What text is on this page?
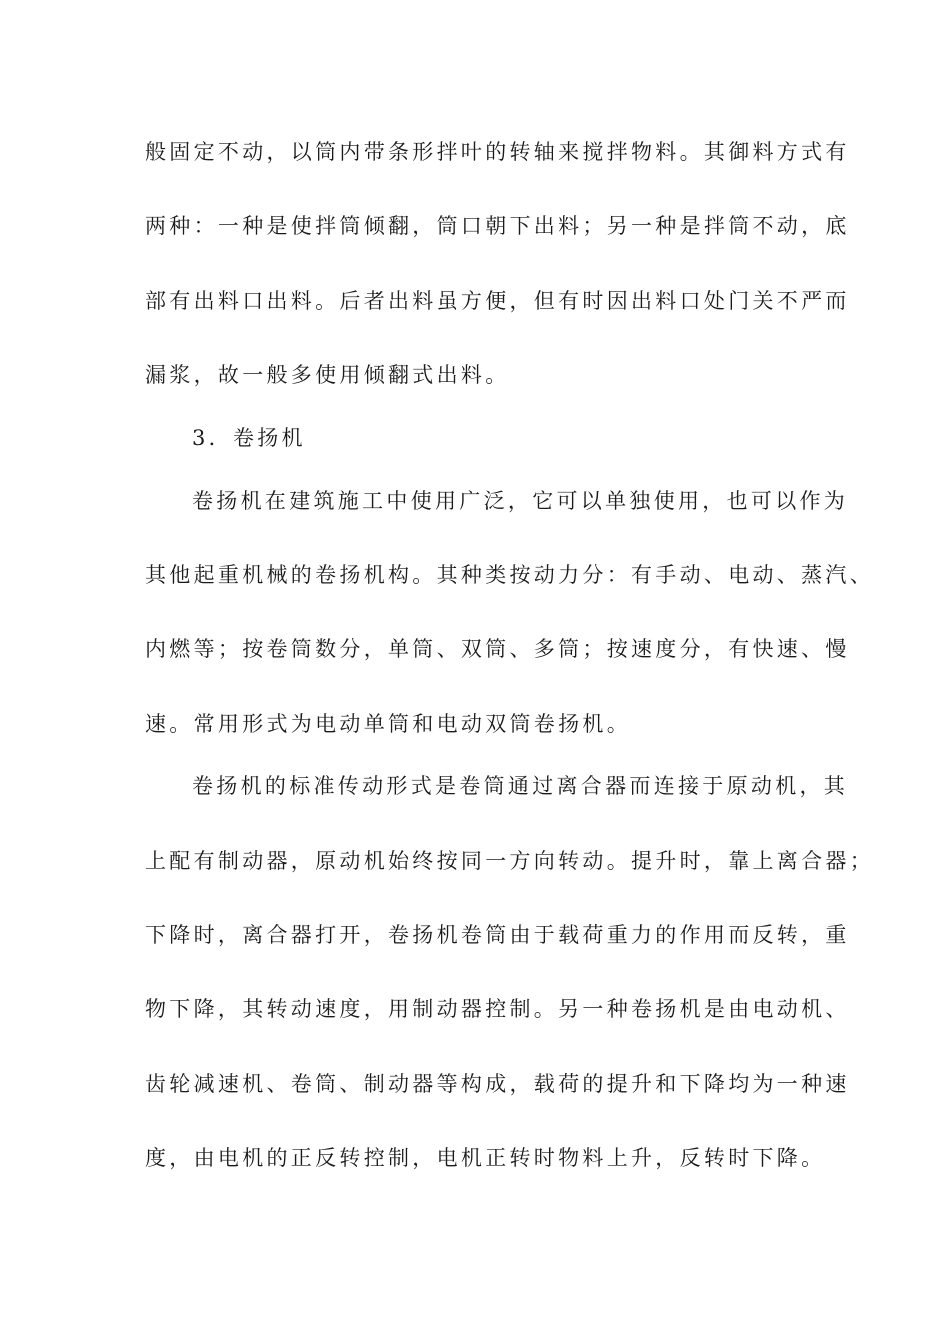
般固定不动，以筒内带条形拌叶的转轴来搅拌物料。其御料方式有
两种：一种是使拌筒倾翻，筒口朝下出料；另一种是拌筒不动，底
部有出料口出料。后者出料虽方便，但有时因出料口处门关不严而
漏浆，故一般多使用倾翻式出料。
3．卷扬机
卷扬机在建筑施工中使用广泛，它可以单独使用，也可以作为
其他起重机械的卷扬机构。其种类按动力分：有手动、电动、蒸汽、
内燃等；按卷筒数分，单筒、双筒、多筒；按速度分，有快速、慢
速。常用形式为电动单筒和电动双筒卷扬机。
卷扬机的标准传动形式是卷筒通过离合器而连接于原动机，其
上配有制动器，原动机始终按同一方向转动。提升时，靠上离合器；
下降时，离合器打开，卷扬机卷筒由于载荷重力的作用而反转，重
物下降，其转动速度，用制动器控制。另一种卷扬机是由电动机、
齿轮减速机、卷筒、制动器等构成，载荷的提升和下降均为一种速
度，由电机的正反转控制，电机正转时物料上升，反转时下降。
